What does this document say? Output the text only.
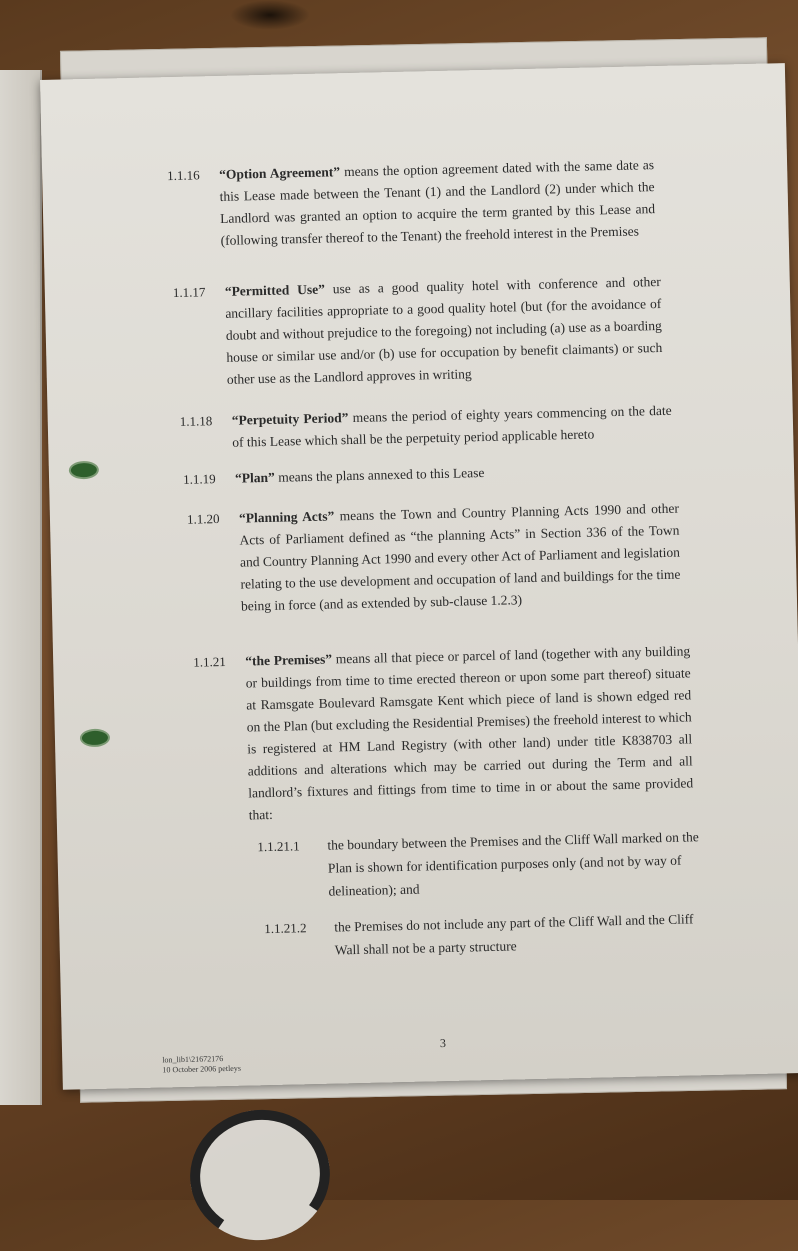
1.1.16	“Option Agreement” means the option agreement dated with the same date as this Lease made between the Tenant (1) and the Landlord (2) under which the Landlord was granted an option to acquire the term granted by this Lease and (following transfer thereof to the Tenant) the freehold interest in the Premises
1.1.17	“Permitted Use” use as a good quality hotel with conference and other ancillary facilities appropriate to a good quality hotel (but (for the avoidance of doubt and without prejudice to the foregoing) not including (a) use as a boarding house or similar use and/or (b) use for occupation by benefit claimants) or such other use as the Landlord approves in writing
1.1.18	“Perpetuity Period” means the period of eighty years commencing on the date of this Lease which shall be the perpetuity period applicable hereto
1.1.19	“Plan” means the plans annexed to this Lease
1.1.20	“Planning Acts” means the Town and Country Planning Acts 1990 and other Acts of Parliament defined as “the planning Acts” in Section 336 of the Town and Country Planning Act 1990 and every other Act of Parliament and legislation relating to the use development and occupation of land and buildings for the time being in force (and as extended by sub-clause 1.2.3)
1.1.21	“the Premises” means all that piece or parcel of land (together with any building or buildings from time to time erected thereon or upon some part thereof) situate at Ramsgate Boulevard Ramsgate Kent which piece of land is shown edged red on the Plan (but excluding the Residential Premises) the freehold interest to which is registered at HM Land Registry (with other land) under title K838703 all additions and alterations which may be carried out during the Term and all landlord’s fixtures and fittings from time to time in or about the same provided that:
1.1.21.1	the boundary between the Premises and the Cliff Wall marked on the Plan is shown for identification purposes only (and not by way of delineation); and
1.1.21.2	the Premises do not include any part of the Cliff Wall and the Cliff Wall shall not be a party structure
3
lon_lib1\21672176
10 October 2006 petleys
